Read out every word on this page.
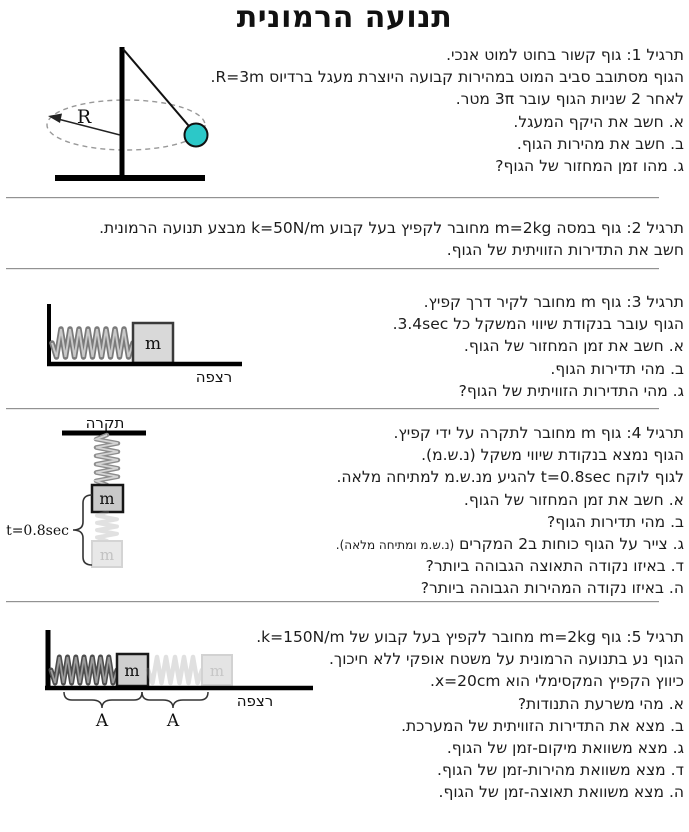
תנועה הרמונית
תרגיל 1: גוף קשור בחוט למוט אנכי.
הגוף מסתובב סביב המוט במהירות קבועה היוצרת מעגל ברדיוס R=3m.
לאחר 2 שניות הגוף עובר 3π מטר.
א. חשב את היקף המעגל.
ב. חשב את מהירות הגוף.
ג. מהו זמן המחזור של הגוף?
R
תרגיל 2: גוף במסה m=2kg מחובר לקפיץ בעל קבוע k=50N/m מבצע תנועה הרמונית.
חשב את התדירות הזוויתית של הגוף.
תרגיל 3: גוף m מחובר לקיר דרך קפיץ.
הגוף עובר בנקודת שיווי המשקל כל 3.4sec.
א. חשב את זמן המחזור של הגוף.
ב. מהי תדירות הגוף.
ג. מהי התדירות הזוויתית של הגוף?
m
רצפה
תרגיל 4: גוף m מחובר לתקרה על ידי קפיץ.
הגוף נמצא בנקודת שיווי משקל (נ.ש.מ).
לגוף לוקח t=0.8sec להגיע מנ.ש.מ למתיחה מלאה.
א. חשב את זמן המחזור של הגוף.
ב. מהי תדירות הגוף?
ג. צייר על הגוף כוחות ב2 המקרים (נ.ש.מ ומתיחה מלאה).
ד. באיזו נקודה התאוצה הגבוהה ביותר?
ה. באיזו נקודה המהירות הגבוהה ביותר?
תקרה
m
m
t=0.8sec
תרגיל 5: גוף m=2kg מחובר לקפיץ בעל קבוע של k=150N/m.
הגוף נע בתנועה הרמונית על משטח אופקי ללא חיכוך.
כיווץ הקפיץ המקסימלי הוא x=20cm.
א. מהי משרעת התנודות?
ב. מצא את התדירות הזוויתית של המערכת.
ג. מצא משוואת מיקום-זמן של הגוף.
ד. מצא משוואת מהירות-זמן של הגוף.
ה. מצא משוואת תאוצה-זמן של הגוף.
m	m
רצפה
A	A
